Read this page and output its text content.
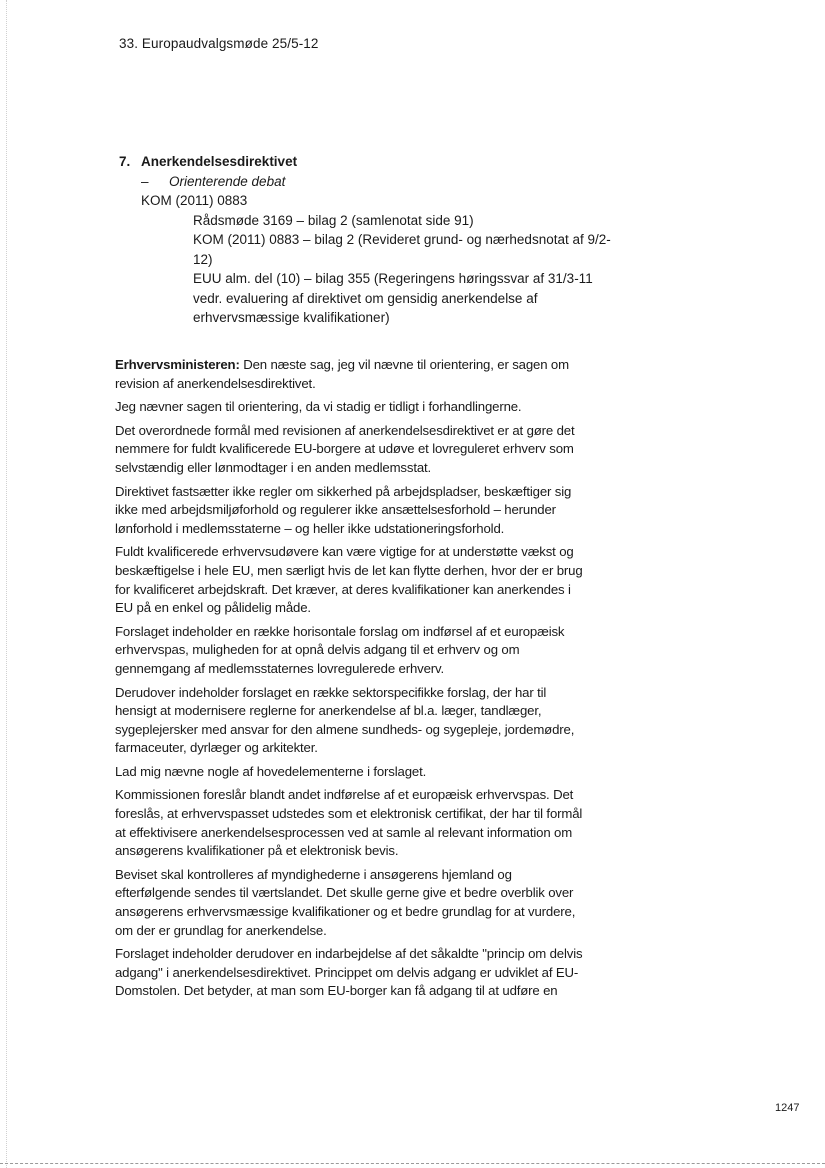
33. Europaudvalgsmøde 25/5-12
7. Anerkendelsesdirektivet
– Orienterende debat
KOM (2011) 0883
Rådsmøde 3169 – bilag 2 (samlenotat side 91)
KOM (2011) 0883 – bilag 2 (Revideret grund- og nærhedsnotat af 9/2-12)
EUU alm. del (10) – bilag 355 (Regeringens høringssvar af 31/3-11 vedr. evaluering af direktivet om gensidig anerkendelse af erhvervsmæssige kvalifikationer)

Erhvervsministeren: Den næste sag, jeg vil nævne til orientering, er sagen om revision af anerkendelsesdirektivet.

Jeg nævner sagen til orientering, da vi stadig er tidligt i forhandlingerne.

Det overordnede formål med revisionen af anerkendelsesdirektivet er at gøre det nemmere for fuldt kvalificerede EU-borgere at udøve et lovreguleret erhverv som selvstændig eller lønmodtager i en anden medlemsstat.

Direktivet fastsætter ikke regler om sikkerhed på arbejdspladser, beskæftiger sig ikke med arbejdsmiljøforhold og regulerer ikke ansættelsesforhold – herunder lønforhold i medlemsstaterne – og heller ikke udstationeringsforhold.

Fuldt kvalificerede erhvervsudøvere kan være vigtige for at understøtte vækst og beskæftigelse i hele EU, men særligt hvis de let kan flytte derhen, hvor der er brug for kvalificeret arbejdskraft. Det kræver, at deres kvalifikationer kan anerkendes i EU på en enkel og pålidelig måde.

Forslaget indeholder en række horisontale forslag om indførsel af et europæisk erhvervspas, muligheden for at opnå delvis adgang til et erhverv og om gennemgang af medlemsstaternes lovregulerede erhverv.

Derudover indeholder forslaget en række sektorspecifikke forslag, der har til hensigt at modernisere reglerne for anerkendelse af bl.a. læger, tandlæger, sygeplejersker med ansvar for den almene sundheds- og sygepleje, jordemødre, farmaceuter, dyrlæger og arkitekter.

Lad mig nævne nogle af hovedelementerne i forslaget.

Kommissionen foreslår blandt andet indførelse af et europæisk erhvervspas. Det foreslås, at erhvervspasset udstedes som et elektronisk certifikat, der har til formål at effektivisere anerkendelsesprocessen ved at samle al relevant information om ansøgerens kvalifikationer på et elektronisk bevis.

Beviset skal kontrolleres af myndighederne i ansøgerens hjemland og efterfølgende sendes til værtslandet. Det skulle gerne give et bedre overblik over ansøgerens erhvervsmæssige kvalifikationer og et bedre grundlag for at vurdere, om der er grundlag for anerkendelse.

Forslaget indeholder derudover en indarbejdelse af det såkaldte "princip om delvis adgang" i anerkendelsesdirektivet. Princippet om delvis adgang er udviklet af EU-Domstolen. Det betyder, at man som EU-borger kan få adgang til at udføre en

1247
